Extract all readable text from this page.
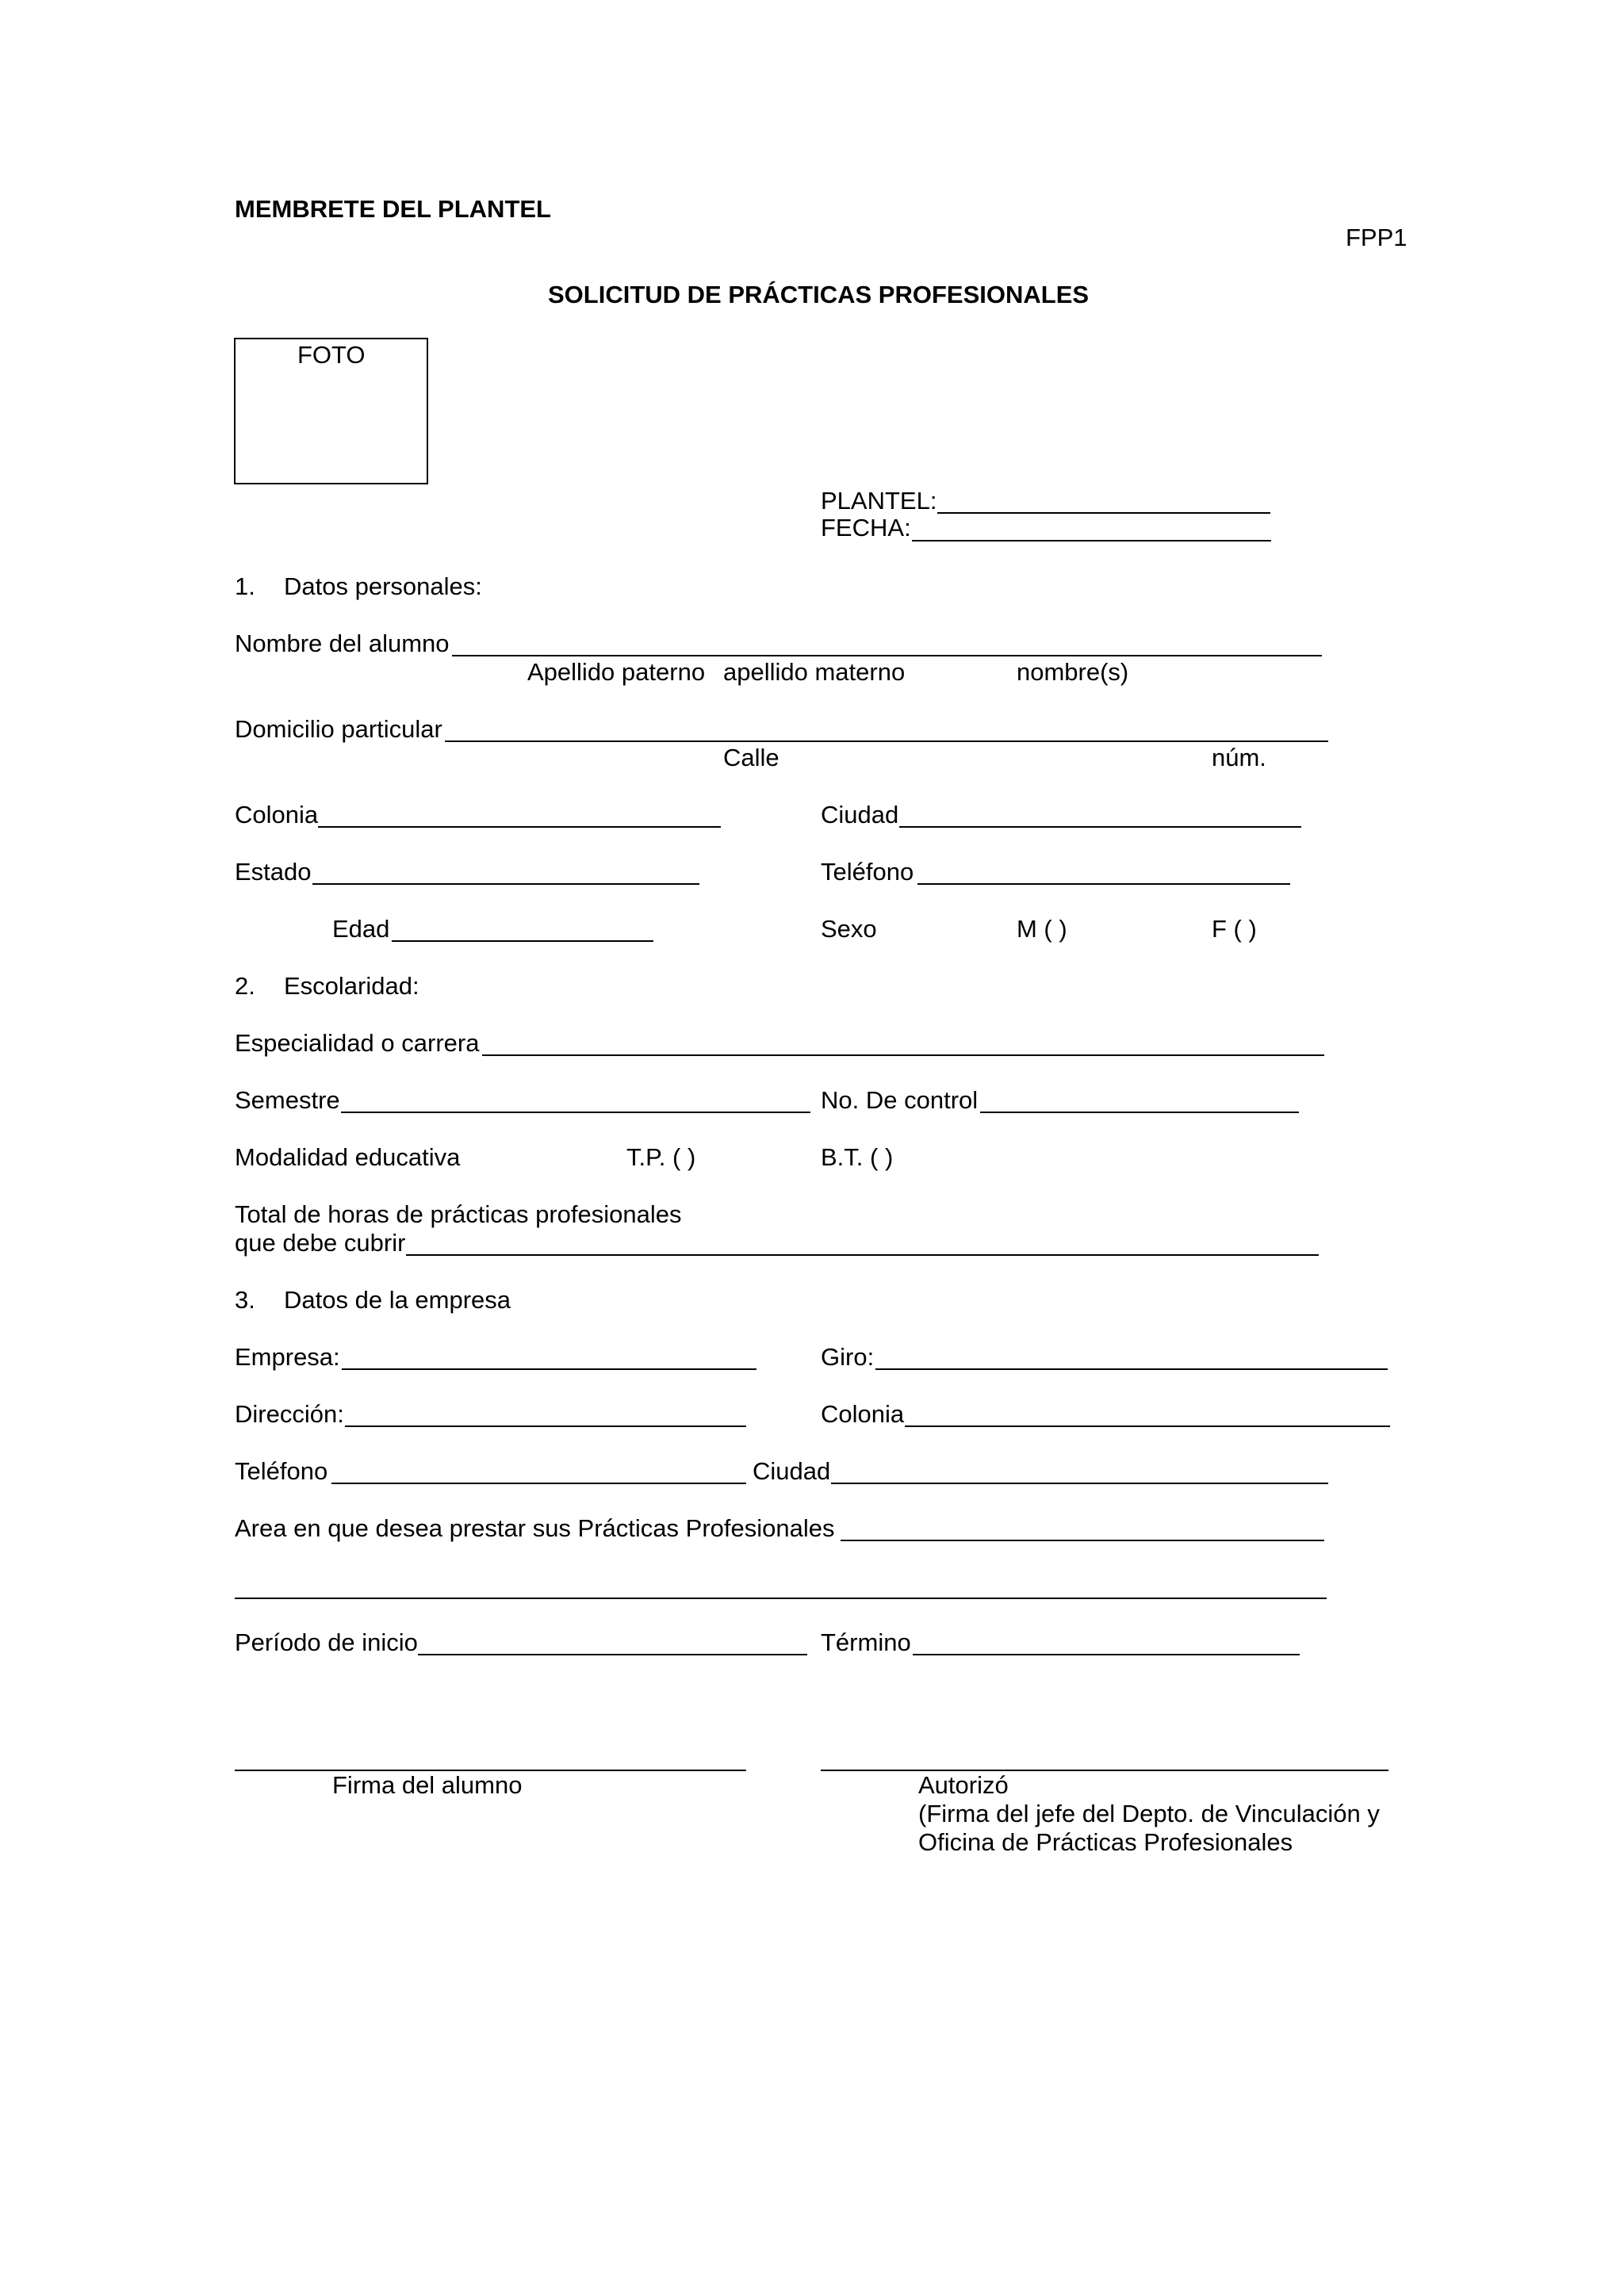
MEMBRETE DEL PLANTEL
FPP1
SOLICITUD DE PRÁCTICAS PROFESIONALES
FOTO
PLANTEL:
FECHA:
1. Datos personales:
Nombre del alumno
Apellido paterno apellido materno	nombre(s)
Domicilio particular
Calle	núm.
Colonia	Ciudad
Estado	Teléfono
Edad	Sexo	M ( )	F ( )
2. Escolaridad:
Especialidad o carrera
Semestre	No. De control
Modalidad educativa	T.P. ( )	B.T. ( )
Total de horas de prácticas profesionales
que debe cubrir
3. Datos de la empresa
Empresa:	Giro:
Dirección:	Colonia
Teléfono	Ciudad
Area en que desea prestar sus Prácticas Profesionales
Período de inicio	Término
Firma del alumno	Autorizó
(Firma del jefe del Depto. de Vinculación y
Oficina de Prácticas Profesionales
